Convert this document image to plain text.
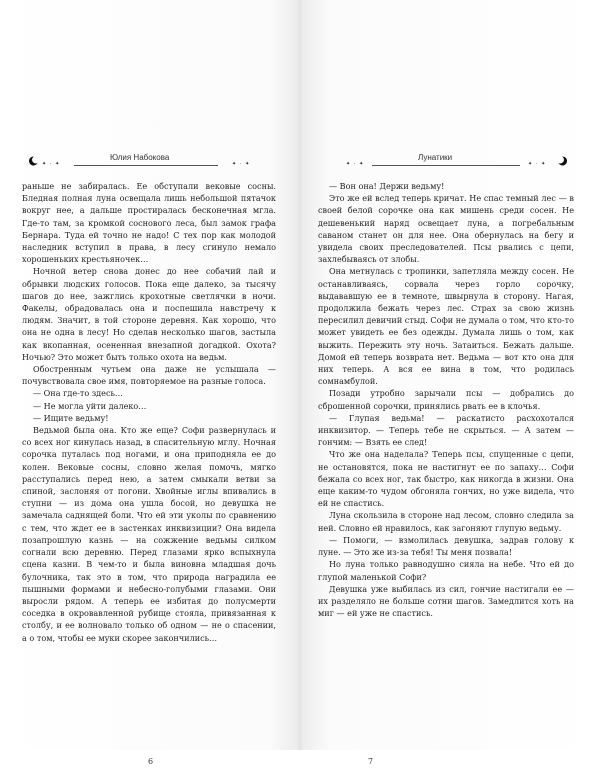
✦ ⋅ ✦
Юлия Набокова
✦ ⋅ ✦

раньше не забиралась. Ее обступали вековые сосны. Бледная полная луна освещала лишь небольшой пятачок вокруг нее, а дальше простиралась бесконечная мгла. Где-то там, за кромкой соснового леса, был замок графа Бернара. Туда ей точно не надо! С тех пор как молодой наследник вступил в права, в лесу сгинуло немало хорошеньких крестьяночек…

Ночной ветер снова донес до нее собачий лай и обрывки людских голосов. Пока еще далеко, за тысячу шагов до нее, зажглись крохотные светлячки в ночи. Факелы, обрадовалась она и поспешила навстречу к людям. Значит, в той стороне деревня. Как хорошо, что она не одна в лесу! Но сделав несколько шагов, застыла как вкопанная, осененная внезапной догадкой. Охота? Ночью? Это может быть только охота на ведьм.

Обостренным чутьем она даже не услышала — почувствовала свое имя, повторяемое на разные голоса.

— Она где-то здесь…

— Не могла уйти далеко…

— Ищите ведьму!

Ведьмой была она. Кто же еще? Софи развернулась и со всех ног кинулась назад, в спасительную мглу. Ночная сорочка путалась под ногами, и она приподняла ее до колен. Вековые сосны, словно желая помочь, мягко расступались перед нею, а затем смыкали ветви за спиной, заслоняя от погони. Хвойные иглы впивались в ступни — из дома она ушла босой, но девушка не замечала саднящей боли. Что ей эти уколы по сравнению с тем, что ждет ее в застенках инквизиции? Она видела позапрошлую казнь — на сожжение ведьмы силком согнали всю деревню. Перед глазами ярко вспыхнула сцена казни. В чем-то и была виновна младшая дочь булочника, так это в том, что природа наградила ее пышными формами и небесно-голубыми глазами. Они выросли рядом. А теперь ее избитая до полусмерти соседка в окровавленной рубище стояла, привязанная к столбу, и ее волновало только об одном — не о спасении, а о том, чтобы ее муки скорее закончились…

6
✦ ⋅ ✦
Лунатики
✦ ⋅ ✦

— Вон она! Держи ведьму!

Это же ей вслед теперь кричат. Не спас темный лес — в своей белой сорочке она как мишень среди сосен. Не дешевенький наряд освещает луна, а погребальным саваном станет он для нее. Она обернулась на бегу и увидела своих преследователей. Псы рвались с цепи, захлебываясь от злобы.

Она метнулась с тропинки, запетляла между сосен. Не останавливаясь, сорвала через горло сорочку, выдававшую ее в темноте, швырнула в сторону. Нагая, продолжила бежать через лес. Страх за свою жизнь пересилил девичий стыд. Софи не думала о том, что кто-то может увидеть ее без одежды. Думала лишь о том, как выжить. Пережить эту ночь. Затаиться. Бежать дальше. Домой ей теперь возврата нет. Ведьма — вот кто она для них теперь. А вся ее вина в том, что родилась сомнамбулой.

Позади утробно зарычали псы — добрались до сброшенной сорочки, принялись рвать ее в клочья.

— Глупая ведьма! — раскатисто расхохотался инквизитор. — Теперь тебе не скрыться. — А затем — гончим: — Взять ее след!

Что же она наделала? Теперь псы, спущенные с цепи, не остановятся, пока не настигнут ее по запаху… Софи бежала со всех ног, так быстро, как никогда в жизни. Она еще каким-то чудом обгоняла гончих, но уже видела, что ей не спастись.

Луна скользила в стороне над лесом, словно следила за ней. Словно ей нравилось, как загоняют глупую ведьму.

— Помоги, — взмолилась девушка, задрав голову к луне. — Это же из-за тебя! Ты меня позвала!

Но луна только равнодушно сияла на небе. Что ей до глупой маленькой Софи?

Девушка уже выбилась из сил, гончие настигали ее — их разделяло не больше сотни шагов. Замедлится хоть на миг — ей уже не спастись.

7
